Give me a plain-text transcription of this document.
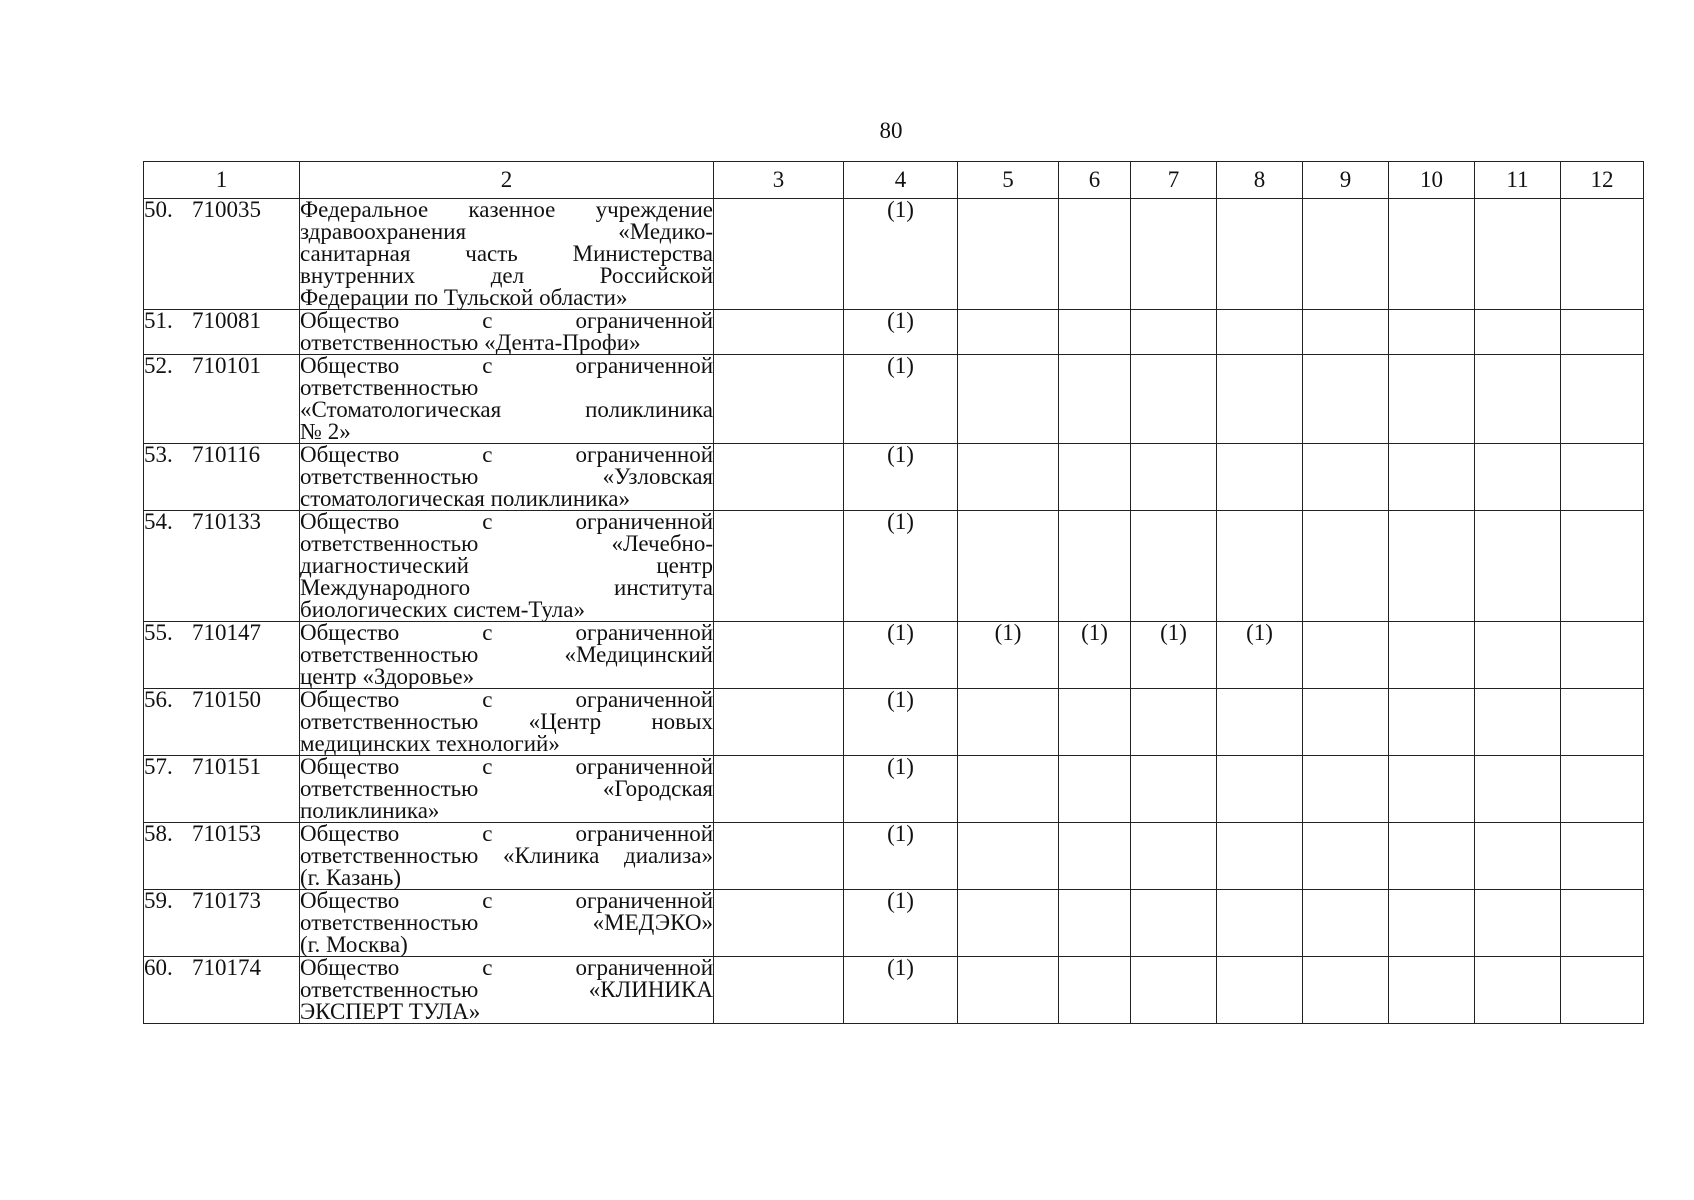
80
1	2	3	4	5	6	7	8	9	10	11	12
50. 710035	Федеральное казенное учреждение
здравоохранения «Медико-
санитарная часть Министерства
внутренних дел Российской
Федерации по Тульской области»		(1)								
51. 710081	Общество с ограниченной
ответственностью «Дента-Профи»		(1)								
52. 710101	Общество с ограниченной
ответственностью
«Стоматологическая поликлиника
№ 2»		(1)								
53. 710116	Общество с ограниченной
ответственностью «Узловская
стоматологическая поликлиника»		(1)								
54. 710133	Общество с ограниченной
ответственностью «Лечебно-
диагностический центр
Международного института
биологических систем-Тула»		(1)								
55. 710147	Общество с ограниченной
ответственностью «Медицинский
центр «Здоровье»		(1)	(1)	(1)	(1)	(1)				
56. 710150	Общество с ограниченной
ответственностью «Центр новых
медицинских технологий»		(1)								
57. 710151	Общество с ограниченной
ответственностью «Городская
поликлиника»		(1)								
58. 710153	Общество с ограниченной
ответственностью «Клиника диализа»
(г. Казань)		(1)								
59. 710173	Общество с ограниченной
ответственностью «МЕДЭКО»
(г. Москва)		(1)								
60. 710174	Общество с ограниченной
ответственностью «КЛИНИКА
ЭКСПЕРТ ТУЛА»		(1)								
